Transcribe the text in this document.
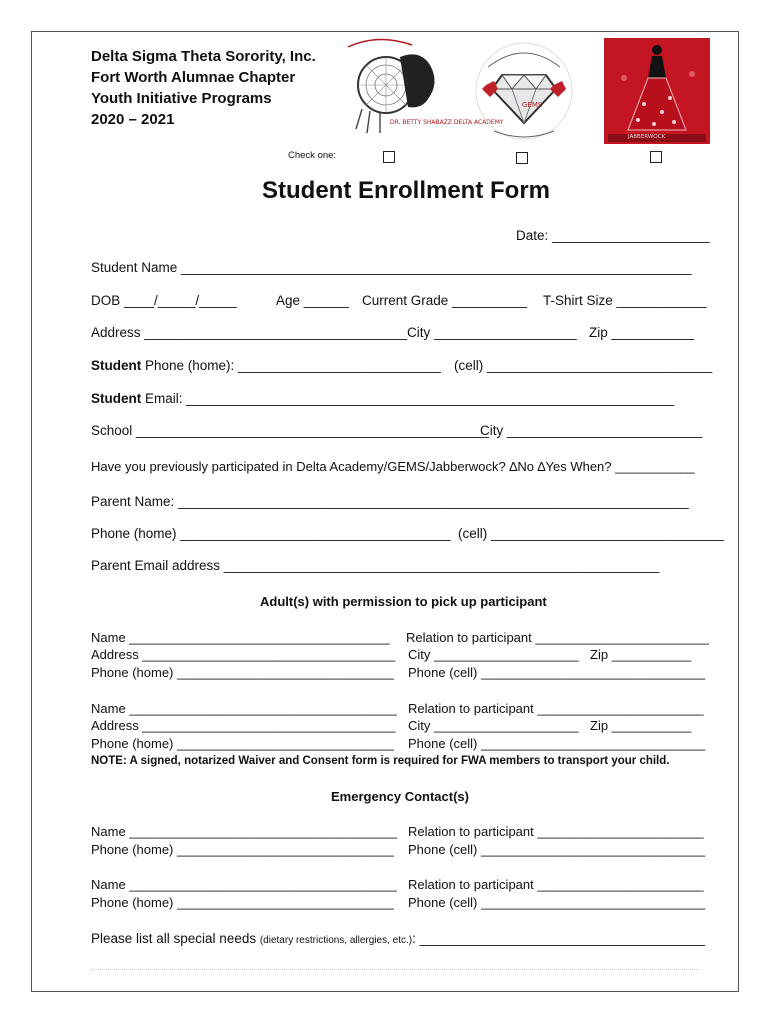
Delta Sigma Theta Sorority, Inc.
Fort Worth Alumnae Chapter
Youth Initiative Programs
2020 – 2021	DR. BETTY SHABAZZ DELTA ACADEMY
GEMS
JABBERWOCK
Check one:
Student Enrollment Form
Date: _____________________
Student Name ____________________________________________________________________
DOB ____/_____/_____	Age ______ Current Grade __________ T-Shirt Size ____________
Address ___________________________________ City ___________________ Zip ___________
Student Phone (home): ___________________________ (cell) ______________________________
Student Email: _________________________________________________________________
School _______________________________________________
City __________________________
Have you previously participated in Delta Academy/GEMS/Jabberwock? ∆No ∆Yes When? ___________
Parent Name: ____________________________________________________________________
Phone (home) ____________________________________ (cell) _______________________________
Parent Email address __________________________________________________________
Adult(s) with permission to pick up participant
Name ____________________________________ Relation to participant ________________________
Address ___________________________________ City ____________________ Zip ___________
Phone (home) ______________________________ Phone (cell) _______________________________
Name _____________________________________ Relation to participant _______________________
Address ___________________________________ City ____________________ Zip ___________
Phone (home) ______________________________ Phone (cell) _______________________________
NOTE: A signed, notarized Waiver and Consent form is required for FWA members to transport your child.
Emergency Contact(s)
Name _____________________________________ Relation to participant _______________________
Phone (home) ______________________________ Phone (cell) _______________________________
Name _____________________________________ Relation to participant _______________________
Phone (home) ______________________________ Phone (cell) _______________________________
Please list all special needs (dietary restrictions, allergies, etc.): ______________________________________
